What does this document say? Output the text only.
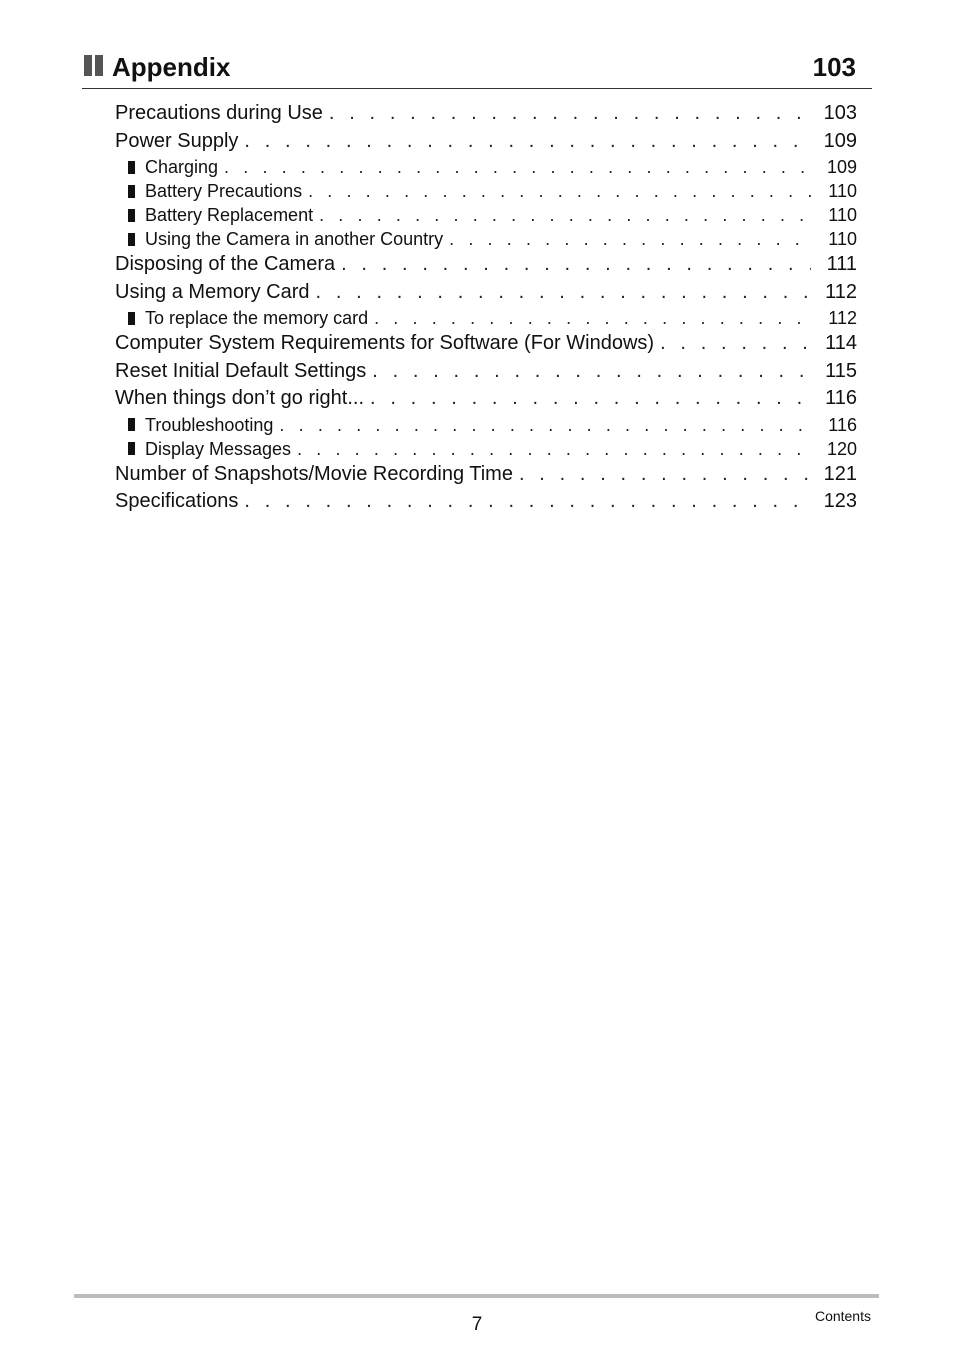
Appendix	103
Precautions during Use . . .	103
Power Supply . . .	109
Charging . . .	109
Battery Precautions . . .	110
Battery Replacement . . .	110
Using the Camera in another Country . . .	110
Disposing of the Camera . . .	111
Using a Memory Card . . .	112
To replace the memory card . . .	112
Computer System Requirements for Software (For Windows) . . .	114
Reset Initial Default Settings . . .	115
When things don’t go right... . . .	116
Troubleshooting . . .	116
Display Messages . . .	120
Number of Snapshots/Movie Recording Time . . .	121
Specifications . . .	123
7	Contents
